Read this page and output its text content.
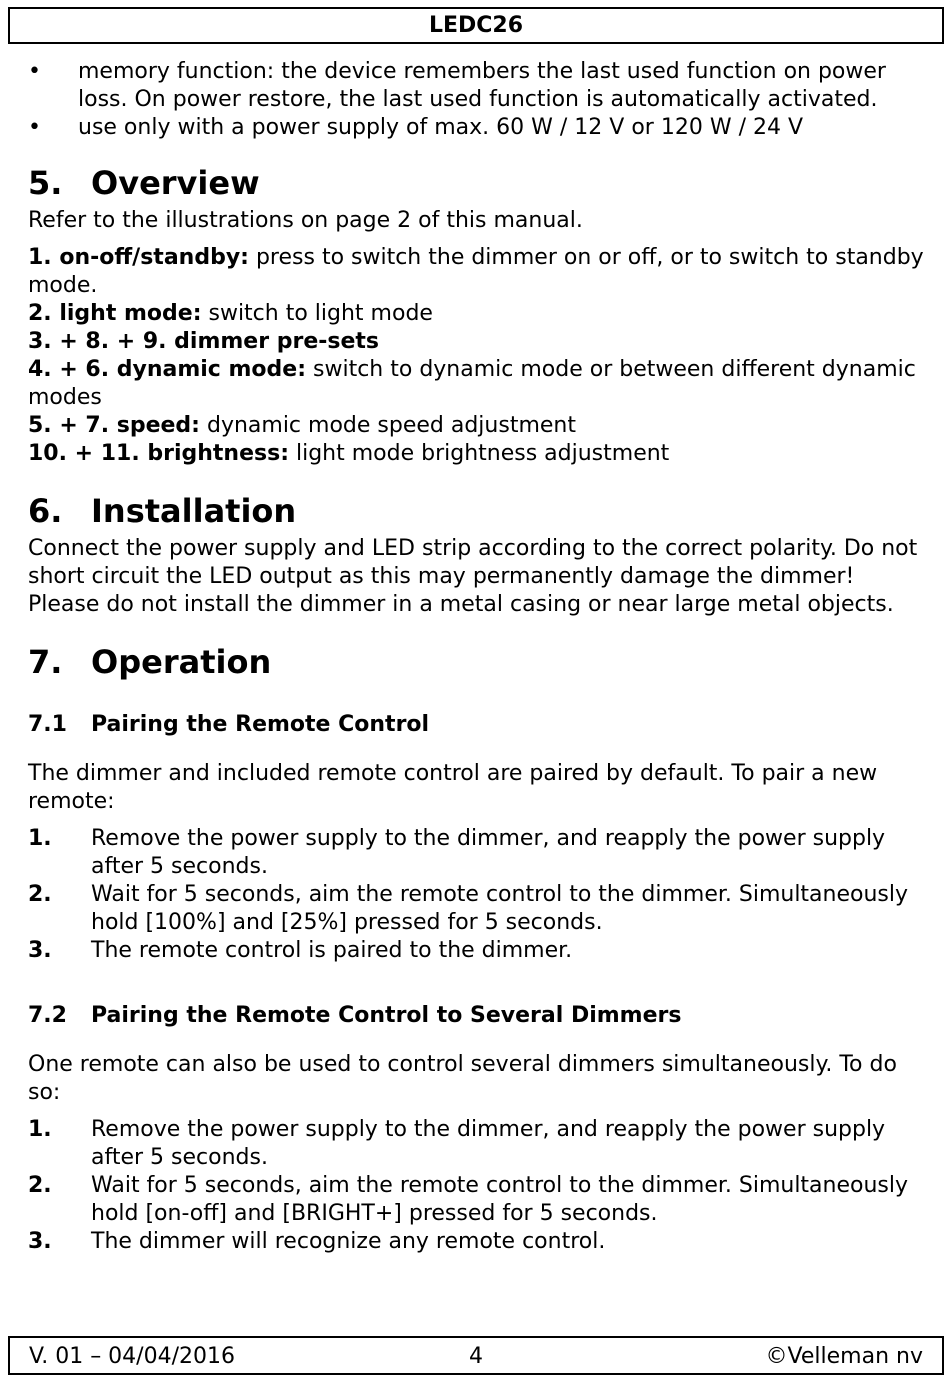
LEDC26
• memory function: the device remembers the last used function on power loss. On power restore, the last used function is automatically activated.
• use only with a power supply of max. 60 W / 12 V or 120 W / 24 V
5. Overview

Refer to the illustrations on page 2 of this manual.

1. on-off/standby: press to switch the dimmer on or off, or to switch to standby mode.
2. light mode: switch to light mode
3. + 8. + 9. dimmer pre-sets
4. + 6. dynamic mode: switch to dynamic mode or between different dynamic modes
5. + 7. speed: dynamic mode speed adjustment
10. + 11. brightness: light mode brightness adjustment
6. Installation

Connect the power supply and LED strip according to the correct polarity. Do not short circuit the LED output as this may permanently damage the dimmer! Please do not install the dimmer in a metal casing or near large metal objects.

7. Operation
7.1 Pairing the Remote Control

The dimmer and included remote control are paired by default. To pair a new remote:

1. Remove the power supply to the dimmer, and reapply the power supply after 5 seconds.
2. Wait for 5 seconds, aim the remote control to the dimmer. Simultaneously hold [100%] and [25%] pressed for 5 seconds.
3. The remote control is paired to the dimmer.
7.2 Pairing the Remote Control to Several Dimmers

One remote can also be used to control several dimmers simultaneously. To do so:

1. Remove the power supply to the dimmer, and reapply the power supply after 5 seconds.
2. Wait for 5 seconds, aim the remote control to the dimmer. Simultaneously hold [on-off] and [BRIGHT+] pressed for 5 seconds.
3. The dimmer will recognize any remote control.
V. 01 – 04/04/2016	4	©Velleman nv
